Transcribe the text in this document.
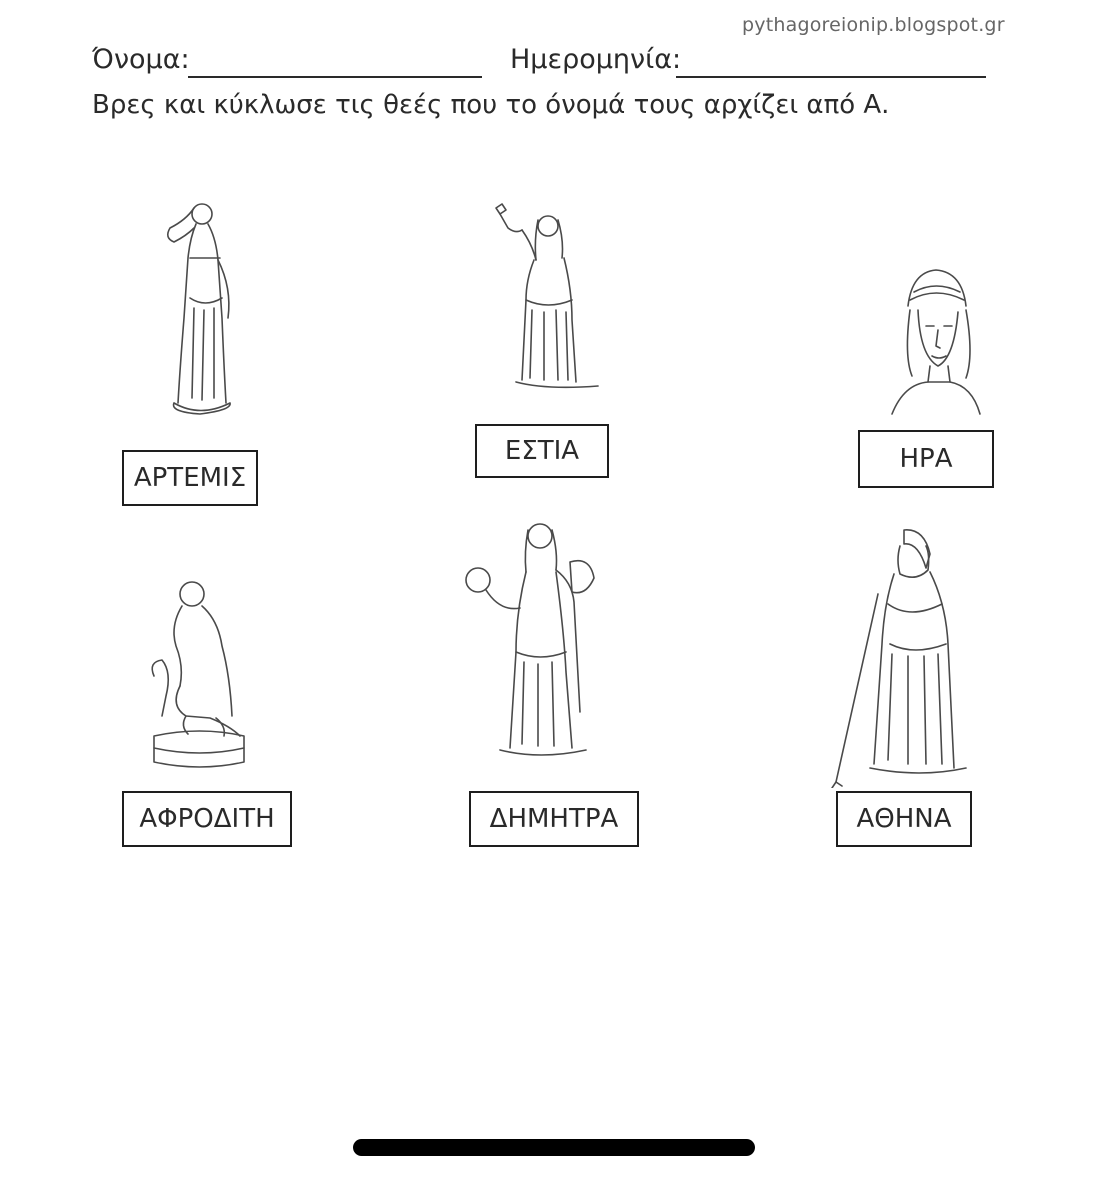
pythagoreionip.blogspot.gr
Όνομα:	Ημερομηνία:
Βρες και κύκλωσε τις θεές που το όνομά τους αρχίζει από Α.
ΑΡΤΕΜΙΣ
ΕΣΤΙΑ	ΗΡΑ
ΑΦΡΟΔΙΤΗ	ΔΗΜΗΤΡΑ	ΑΘΗΝΑ
